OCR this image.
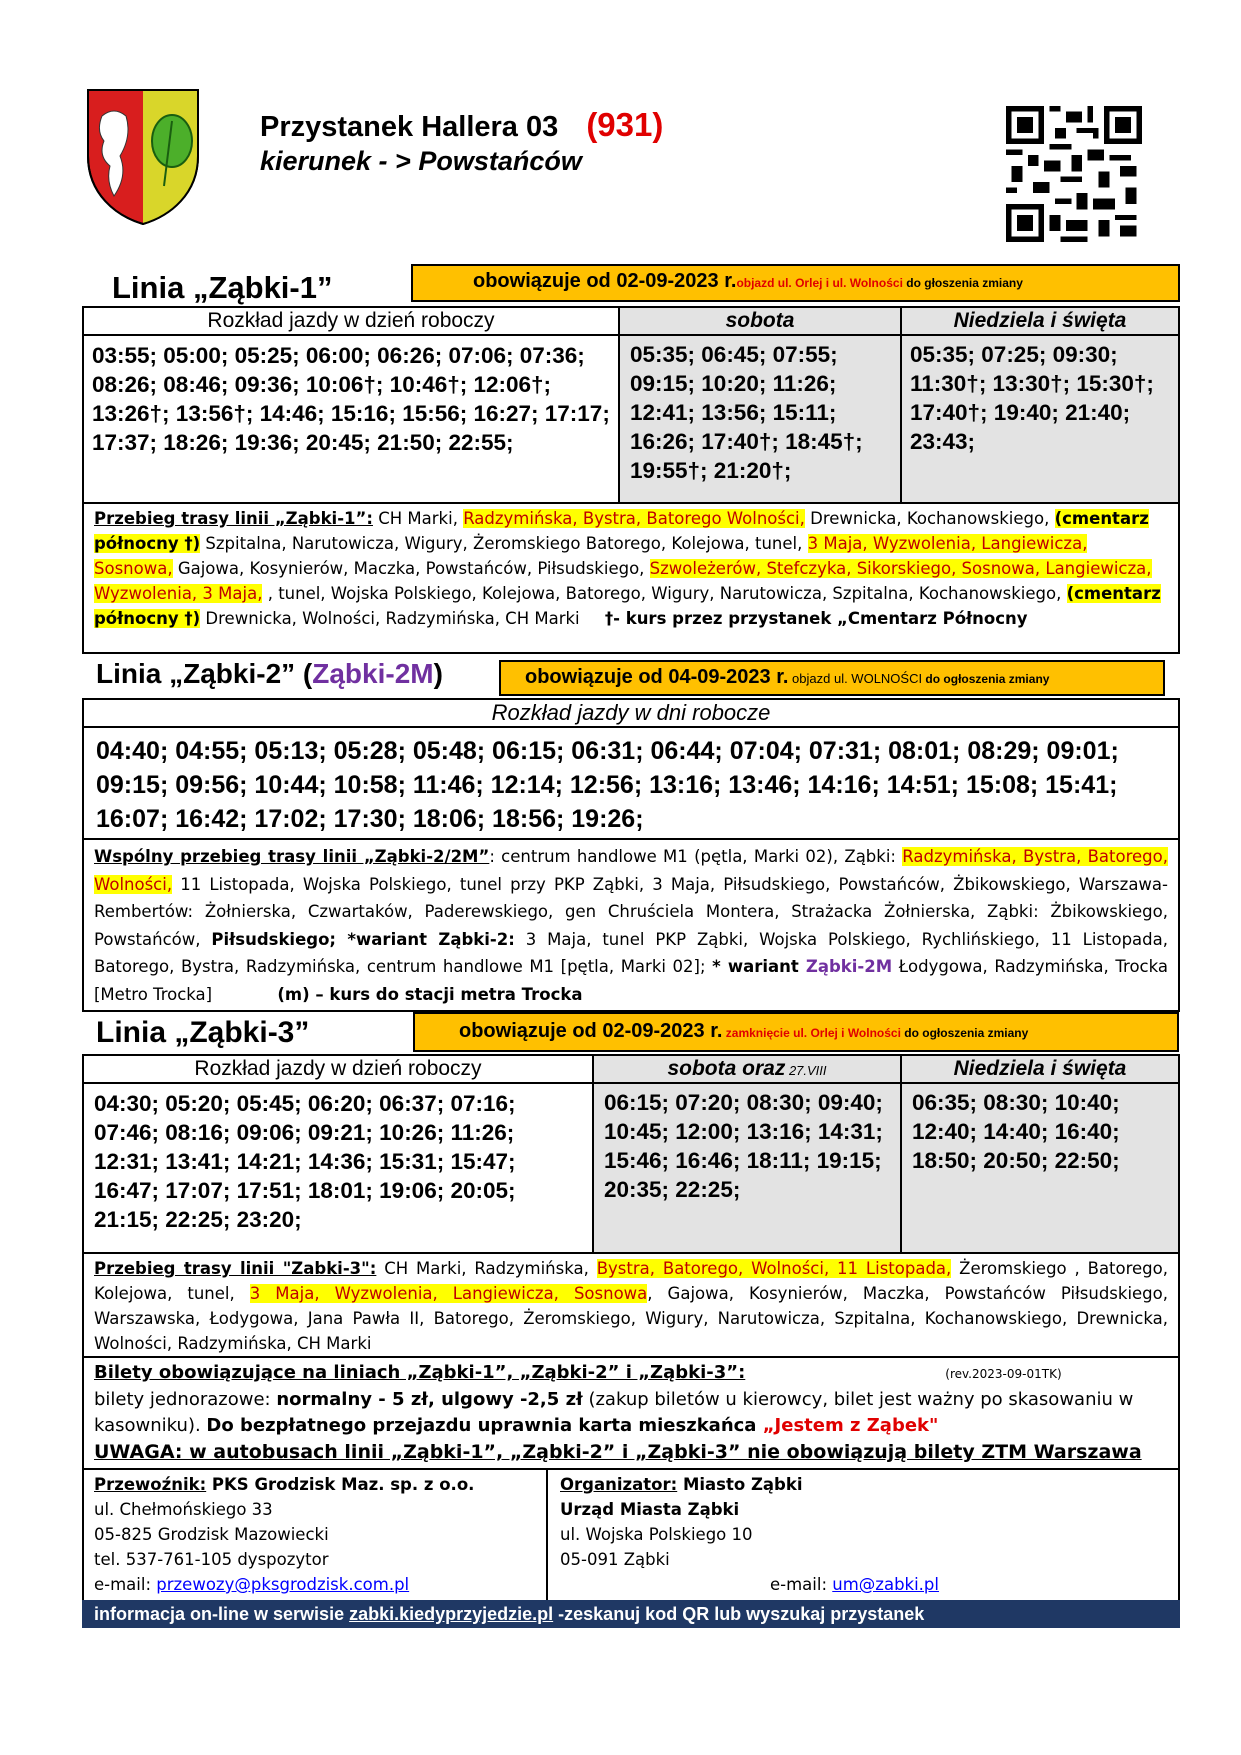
Przystanek Hallera 03 (931)
kierunek - > Powstańców
Linia „Ząbki-1”	obowiązuje od 02-09-2023 r.objazd ul. Orlej i ul. Wolności do głoszenia zmiany
Rozkład jazdy w dzień roboczy	sobota	Niedziela i święta
03:55; 05:00; 05:25; 06:00; 06:26; 07:06; 07:36; 08:26; 08:46; 09:36; 10:06†; 10:46†; 12:06†; 13:26†; 13:56†; 14:46; 15:16; 15:56; 16:27; 17:17; 17:37; 18:26; 19:36; 20:45; 21:50; 22:55;
05:35; 06:45; 07:55; 09:15; 10:20; 11:26; 12:41; 13:56; 15:11; 16:26; 17:40†; 18:45†; 19:55†; 21:20†;
05:35; 07:25; 09:30; 11:30†; 13:30†; 15:30†; 17:40†; 19:40; 21:40; 23:43;
Przebieg trasy linii „Ząbki-1”: CH Marki, Radzymińska, Bystra, Batorego Wolności, Drewnicka, Kochanowskiego, (cmentarz północny †) Szpitalna, Narutowicza, Wigury, Żeromskiego Batorego, Kolejowa, tunel, 3 Maja, Wyzwolenia, Langiewicza, Sosnowa, Gajowa, Kosynierów, Maczka, Powstańców, Piłsudskiego, Szwoleżerów, Stefczyka, Sikorskiego, Sosnowa, Langiewicza, Wyzwolenia, 3 Maja, , tunel, Wojska Polskiego, Kolejowa, Batorego, Wigury, Narutowicza, Szpitalna, Kochanowskiego, (cmentarz północny †) Drewnicka, Wolności, Radzymińska, CH Marki †- kurs przez przystanek „Cmentarz Północny
Linia „Ząbki-2” (Ząbki-2M)	obowiązuje od 04-09-2023 r. objazd ul. WOLNOŚCI do ogłoszenia zmiany
Rozkład jazdy w dni robocze
04:40; 04:55; 05:13; 05:28; 05:48; 06:15; 06:31; 06:44; 07:04; 07:31; 08:01; 08:29; 09:01; 09:15; 09:56; 10:44; 10:58; 11:46; 12:14; 12:56; 13:16; 13:46; 14:16; 14:51; 15:08; 15:41; 16:07; 16:42; 17:02; 17:30; 18:06; 18:56; 19:26;
Wspólny przebieg trasy linii „Ząbki-2/2M”: centrum handlowe M1 (pętla, Marki 02), Ząbki: Radzymińska, Bystra, Batorego, Wolności, 11 Listopada, Wojska Polskiego, tunel przy PKP Ząbki, 3 Maja, Piłsudskiego, Powstańców, Żbikowskiego, Warszawa-Rembertów: Żołnierska, Czwartaków, Paderewskiego, gen Chruściela Montera, Strażacka Żołnierska, Ząbki: Żbikowskiego, Powstańców, Piłsudskiego; *wariant Ząbki-2: 3 Maja, tunel PKP Ząbki, Wojska Polskiego, Rychlińskiego, 11 Listopada, Batorego, Bystra, Radzymińska, centrum handlowe M1 [pętla, Marki 02]; * wariant Ząbki-2M Łodygowa, Radzymińska, Trocka [Metro Trocka]	(m) – kurs do stacji metra Trocka
Linia „Ząbki-3”	obowiązuje od 02-09-2023 r. zamknięcie ul. Orlej i Wolności do ogłoszenia zmiany
Rozkład jazdy w dzień roboczy	sobota oraz 27.VIII	Niedziela i święta
04:30; 05:20; 05:45; 06:20; 06:37; 07:16; 07:46; 08:16; 09:06; 09:21; 10:26; 11:26; 12:31; 13:41; 14:21; 14:36; 15:31; 15:47; 16:47; 17:07; 17:51; 18:01; 19:06; 20:05; 21:15; 22:25; 23:20;
06:15; 07:20; 08:30; 09:40; 10:45; 12:00; 13:16; 14:31; 15:46; 16:46; 18:11; 19:15; 20:35; 22:25;
06:35; 08:30; 10:40; 12:40; 14:40; 16:40; 18:50; 20:50; 22:50;
Przebieg trasy linii "Zabki-3": CH Marki, Radzymińska, Bystra, Batorego, Wolności, 11 Listopada, Żeromskiego , Batorego, Kolejowa, tunel, 3 Maja, Wyzwolenia, Langiewicza, Sosnowa, Gajowa, Kosynierów, Maczka, Powstańców Piłsudskiego, Warszawska, Łodygowa, Jana Pawła II, Batorego, Żeromskiego, Wigury, Narutowicza, Szpitalna, Kochanowskiego, Drewnicka, Wolności, Radzymińska, CH Marki
Bilety obowiązujące na liniach „Ząbki-1”, „Ząbki-2” i „Ząbki-3”:	(rev.2023-09-01TK)
bilety jednorazowe: normalny - 5 zł, ulgowy -2,5 zł (zakup biletów u kierowcy, bilet jest ważny po skasowaniu w kasowniku). Do bezpłatnego przejazdu uprawnia karta mieszkańca „Jestem z Ząbek"
UWAGA: w autobusach linii „Ząbki-1”, „Ząbki-2” i „Ząbki-3” nie obowiązują bilety ZTM Warszawa
Przewoźnik: PKS Grodzisk Maz. sp. z o.o.
ul. Chełmońskiego 33
05-825 Grodzisk Mazowiecki
tel. 537-761-105 dyspozytor
e-mail: przewozy@pksgrodzisk.com.pl
Organizator: Miasto Ząbki
Urząd Miasta Ząbki
ul. Wojska Polskiego 10
05-091 Ząbki
e-mail: um@zabki.pl
informacja on-line w serwisie zabki.kiedyprzyjedzie.pl -zeskanuj kod QR lub wyszukaj przystanek
